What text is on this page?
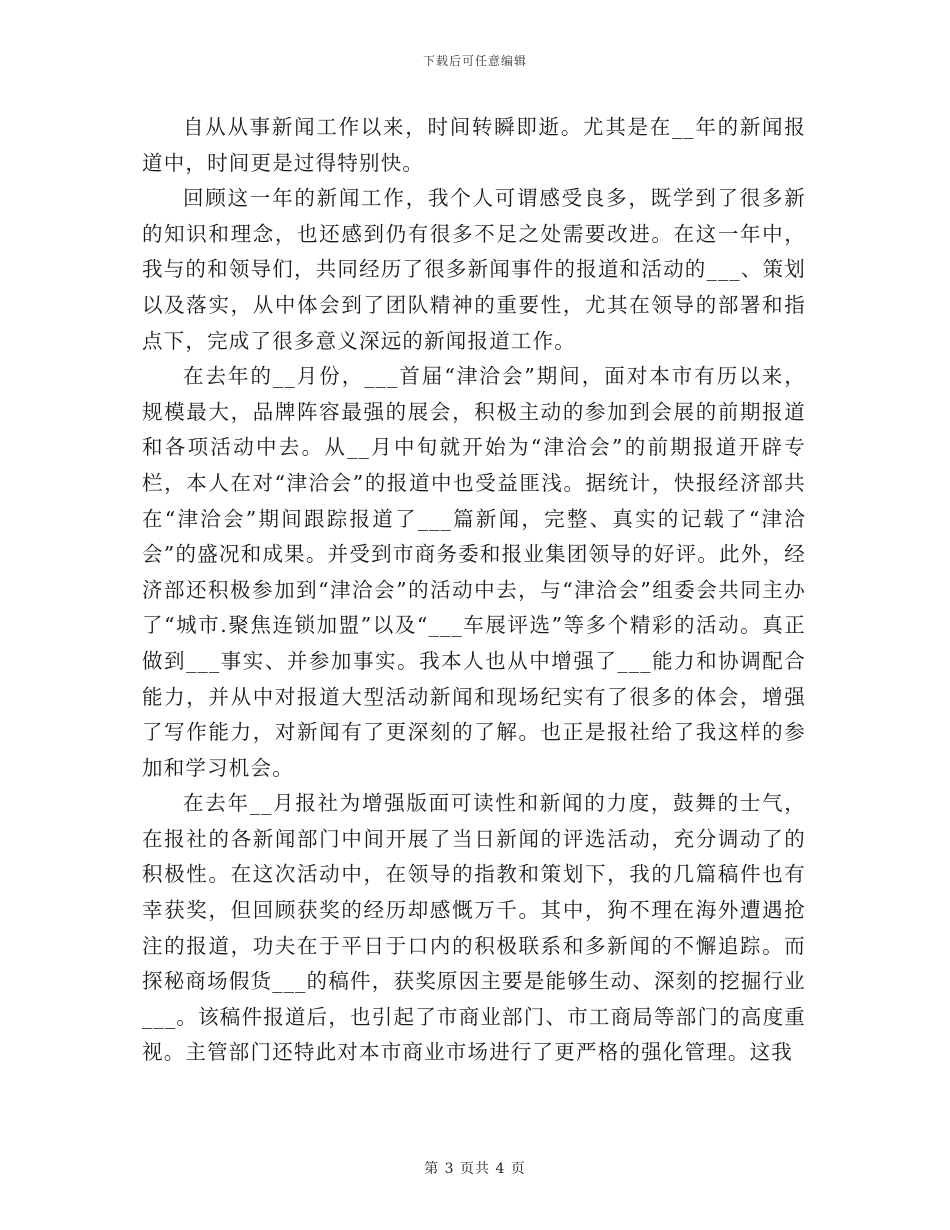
下载后可任意编辑

自从从事新闻工作以来，时间转瞬即逝。尤其是在__年的新闻报道中，时间更是过得特别快。

回顾这一年的新闻工作，我个人可谓感受良多，既学到了很多新的知识和理念，也还感到仍有很多不足之处需要改进。在这一年中，我与的和领导们，共同经历了很多新闻事件的报道和活动的___、策划以及落实，从中体会到了团队精神的重要性，尤其在领导的部署和指点下，完成了很多意义深远的新闻报道工作。

在去年的__月份，___首届“津洽会”期间，面对本市有历以来，规模最大，品牌阵容最强的展会，积极主动的参加到会展的前期报道和各项活动中去。从__月中旬就开始为“津洽会”的前期报道开辟专栏，本人在对“津洽会”的报道中也受益匪浅。据统计，快报经济部共在“津洽会”期间跟踪报道了___篇新闻，完整、真实的记载了“津洽会”的盛况和成果。并受到市商务委和报业集团领导的好评。此外，经济部还积极参加到“津洽会”的活动中去，与“津洽会”组委会共同主办了“城市.聚焦连锁加盟”以及“___车展评选”等多个精彩的活动。真正做到___事实、并参加事实。我本人也从中增强了___能力和协调配合能力，并从中对报道大型活动新闻和现场纪实有了很多的体会，增强了写作能力，对新闻有了更深刻的了解。也正是报社给了我这样的参加和学习机会。

在去年__月报社为增强版面可读性和新闻的力度，鼓舞的士气，在报社的各新闻部门中间开展了当日新闻的评选活动，充分调动了的积极性。在这次活动中，在领导的指教和策划下，我的几篇稿件也有幸获奖，但回顾获奖的经历却感慨万千。其中，狗不理在海外遭遇抢注的报道，功夫在于平日于口内的积极联系和多新闻的不懈追踪。而探秘商场假货___的稿件，获奖原因主要是能够生动、深刻的挖掘行业___。该稿件报道后，也引起了市商业部门、市工商局等部门的高度重视。主管部门还特此对本市商业市场进行了更严格的强化管理。这我

第 3 页共 4 页
